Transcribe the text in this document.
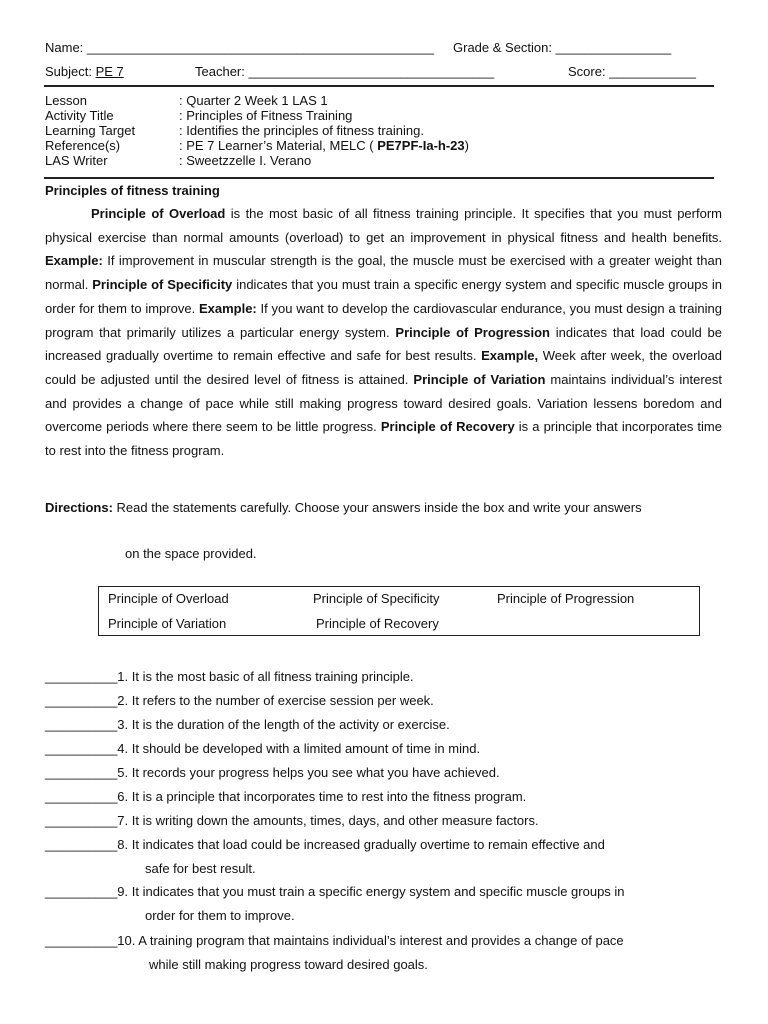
Name: ________________________________________________ Grade & Section: ________________
Subject: PE 7	Teacher: __________________________________	Score: ____________
Lesson	: Quarter 2 Week 1 LAS 1
Activity Title	: Principles of Fitness Training
Learning Target	: Identifies the principles of fitness training.
Reference(s)	: PE 7 Learner’s Material, MELC ( PE7PF-Ia-h-23)
LAS Writer	: Sweetzzelle I. Verano
Principles of fitness training
Principle of Overload is the most basic of all fitness training principle. It specifies that you must perform physical exercise than normal amounts (overload) to get an improvement in physical fitness and health benefits. Example: If improvement in muscular strength is the goal, the muscle must be exercised with a greater weight than normal. Principle of Specificity indicates that you must train a specific energy system and specific muscle groups in order for them to improve. Example: If you want to develop the cardiovascular endurance, you must design a training program that primarily utilizes a particular energy system. Principle of Progression indicates that load could be increased gradually overtime to remain effective and safe for best results. Example, Week after week, the overload could be adjusted until the desired level of fitness is attained. Principle of Variation maintains individual’s interest and provides a change of pace while still making progress toward desired goals. Variation lessens boredom and overcome periods where there seem to be little progress. Principle of Recovery is a principle that incorporates time to rest into the fitness program.
Directions: Read the statements carefully. Choose your answers inside the box and write your answers
on the space provided.
Principle of Overload	Principle of Specificity	Principle of Progression
Principle of Variation	Principle of Recovery
__________1. It is the most basic of all fitness training principle.
__________2. It refers to the number of exercise session per week.
__________3. It is the duration of the length of the activity or exercise.
__________4. It should be developed with a limited amount of time in mind.
__________5. It records your progress helps you see what you have achieved.
__________6. It is a principle that incorporates time to rest into the fitness program.
__________7. It is writing down the amounts, times, days, and other measure factors.
__________8. It indicates that load could be increased gradually overtime to remain effective and
safe for best result.
__________9. It indicates that you must train a specific energy system and specific muscle groups in
order for them to improve.
__________10. A training program that maintains individual’s interest and provides a change of pace
while still making progress toward desired goals.
